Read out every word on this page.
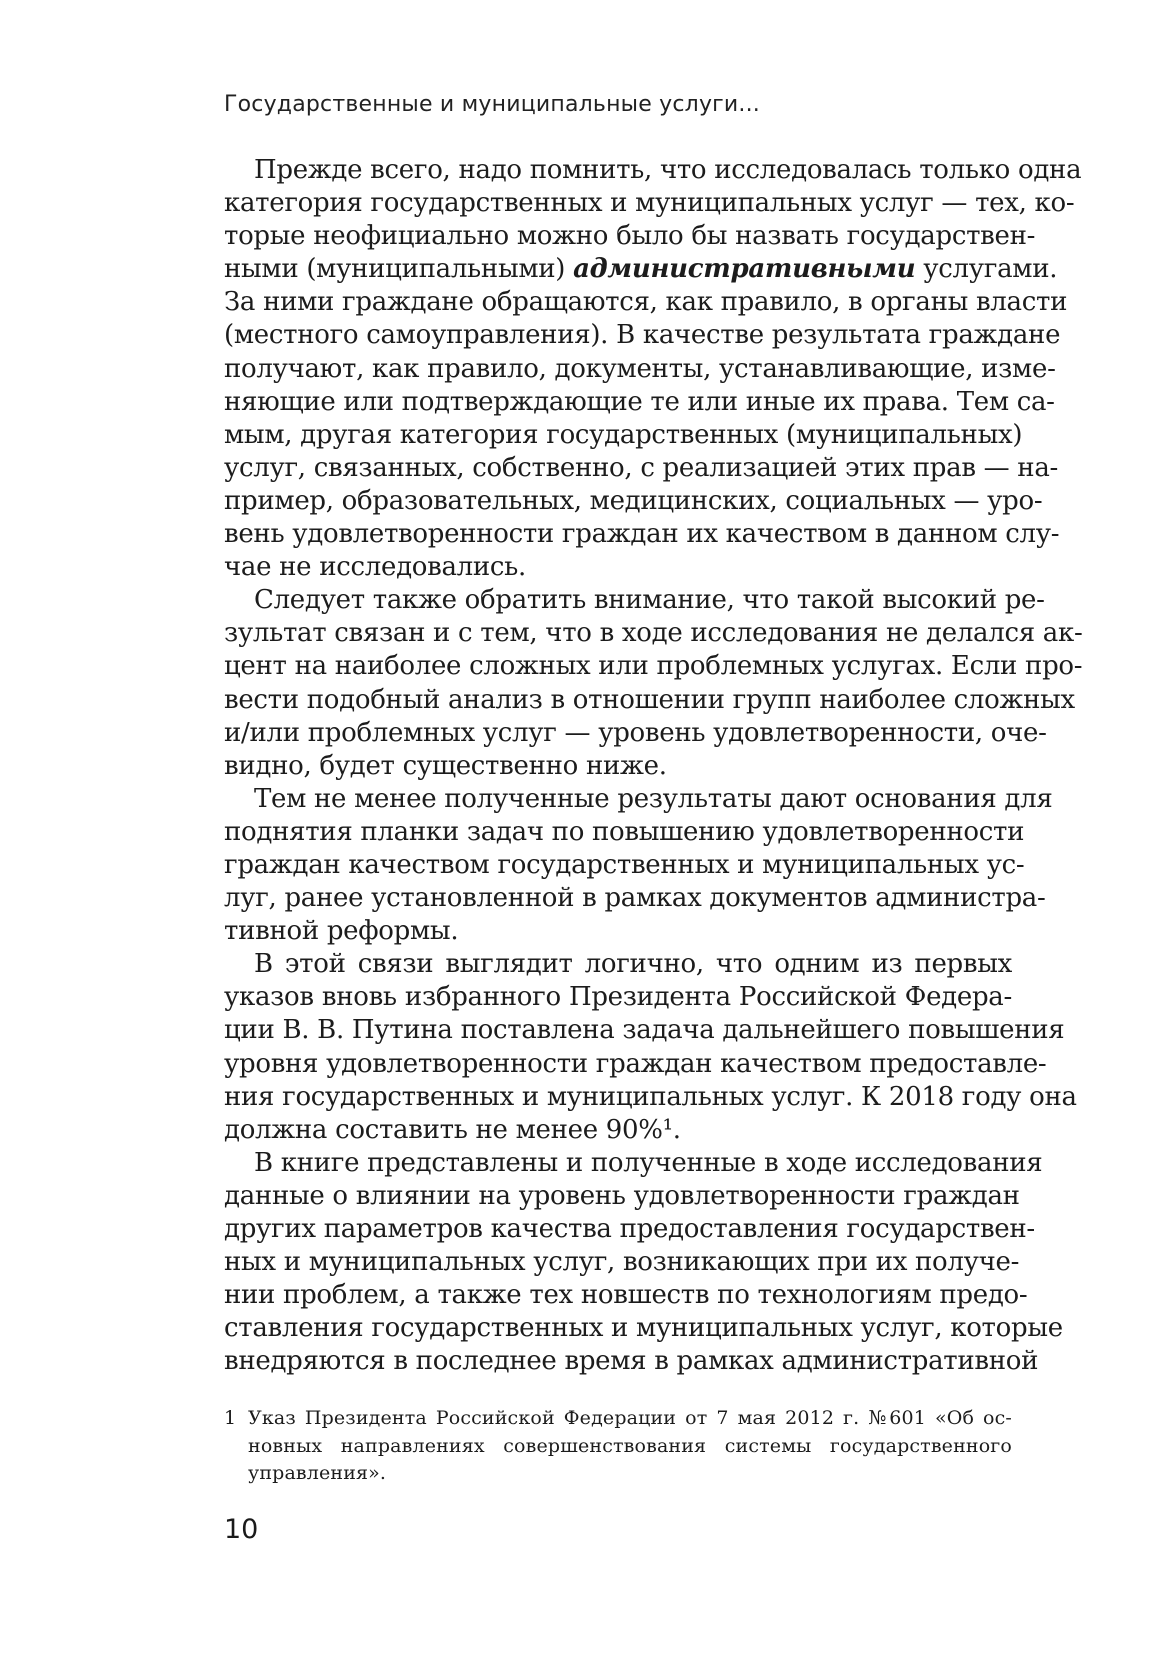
Государственные и муниципальные услуги...
Прежде всего, надо помнить, что исследовалась только одна
категория государственных и муниципальных услуг — тех, ко-
торые неофициально можно было бы назвать государствен-
ными (муниципальными) административными услугами.
За ними граждане обращаются, как правило, в органы власти
(местного самоуправления). В качестве результата граждане
получают, как правило, документы, устанавливающие, изме-
няющие или подтверждающие те или иные их права. Тем са-
мым, другая категория государственных (муниципальных)
услуг, связанных, собственно, с реализацией этих прав — на-
пример, образовательных, медицинских, социальных — уро-
вень удовлетворенности граждан их качеством в данном слу-
чае не исследовались.
Следует также обратить внимание, что такой высокий ре-
зультат связан и с тем, что в ходе исследования не делался ак-
цент на наиболее сложных или проблемных услугах. Если про-
вести подобный анализ в отношении групп наиболее сложных
и/или проблемных услуг — уровень удовлетворенности, оче-
видно, будет существенно ниже.
Тем не менее полученные результаты дают основания для
поднятия планки задач по повышению удовлетворенности
граждан качеством государственных и муниципальных ус-
луг, ранее установленной в рамках документов администра-
тивной реформы.
В этой связи выглядит логично, что одним из первых
указов вновь избранного Президента Российской Федера-
ции В. В. Путина поставлена задача дальнейшего повышения
уровня удовлетворенности граждан качеством предоставле-
ния государственных и муниципальных услуг. К 2018 году она
должна составить не менее 90%¹.
В книге представлены и полученные в ходе исследования
данные о влиянии на уровень удовлетворенности граждан
других параметров качества предоставления государствен-
ных и муниципальных услуг, возникающих при их получе-
нии проблем, а также тех новшеств по технологиям предо-
ставления государственных и муниципальных услуг, которые
внедряются в последнее время в рамках административной
1 Указ Президента Российской Федерации от 7 мая 2012 г. №601 «Об ос-
новных направлениях совершенствования системы государственного
управления».
10
